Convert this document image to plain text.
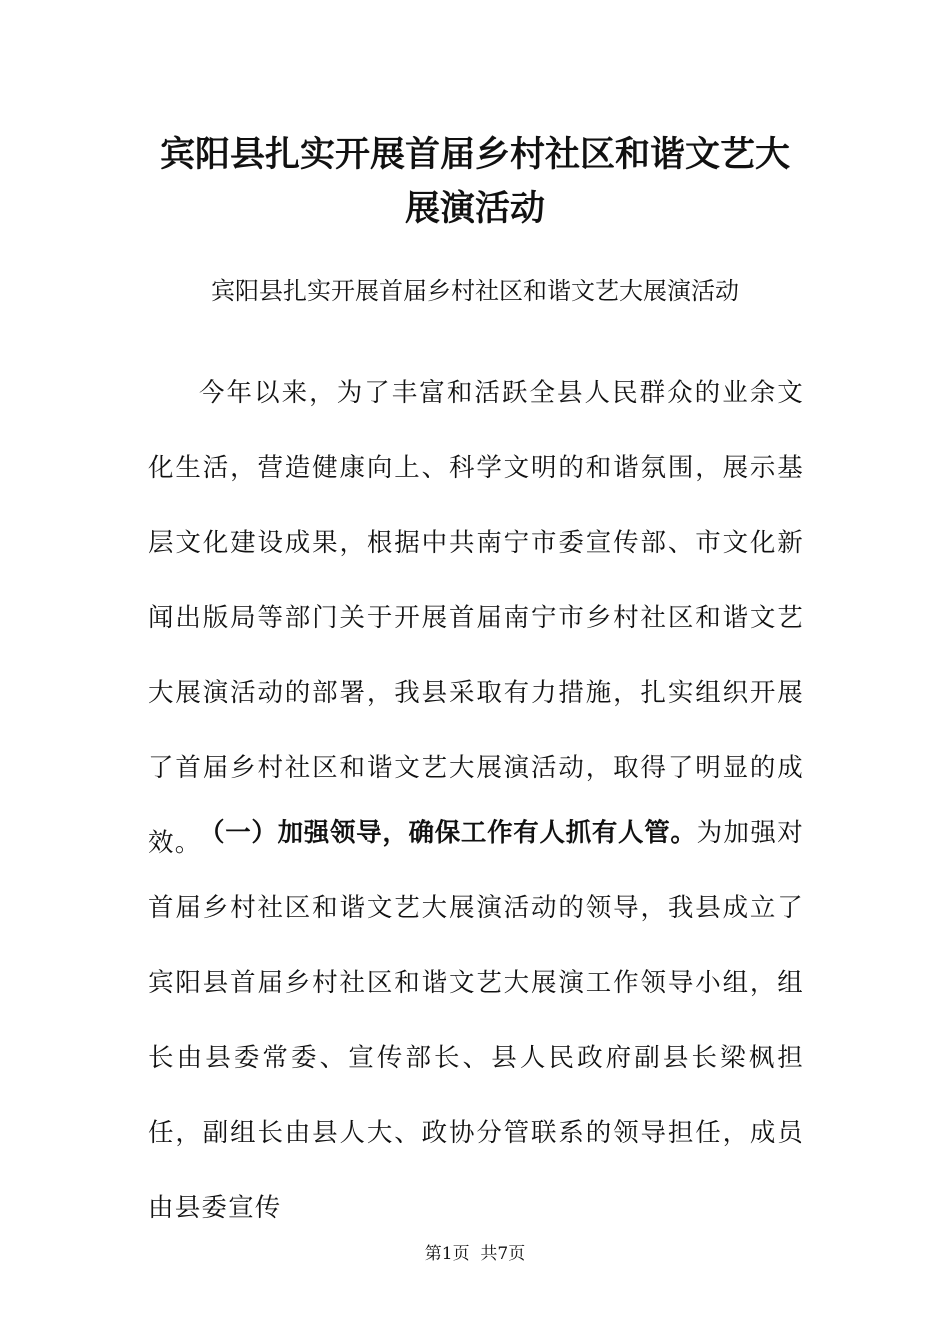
宾阳县扎实开展首届乡村社区和谐文艺大展演活动

宾阳县扎实开展首届乡村社区和谐文艺大展演活动

今年以来，为了丰富和活跃全县人民群众的业余文化生活，营造健康向上、科学文明的和谐氛围，展示基层文化建设成果，根据中共南宁市委宣传部、市文化新闻出版局等部门关于开展首届南宁市乡村社区和谐文艺大展演活动的部署，我县采取有力措施，扎实组织开展了首届乡村社区和谐文艺大展演活动，取得了明显的成效。

（一）加强领导，确保工作有人抓有人管。为加强对首届乡村社区和谐文艺大展演活动的领导，我县成立了宾阳县首届乡村社区和谐文艺大展演工作领导小组，组长由县委常委、宣传部长、县人民政府副县长梁枫担任，副组长由县人大、政协分管联系的领导担任，成员由县委宣传

第1页 共7页
